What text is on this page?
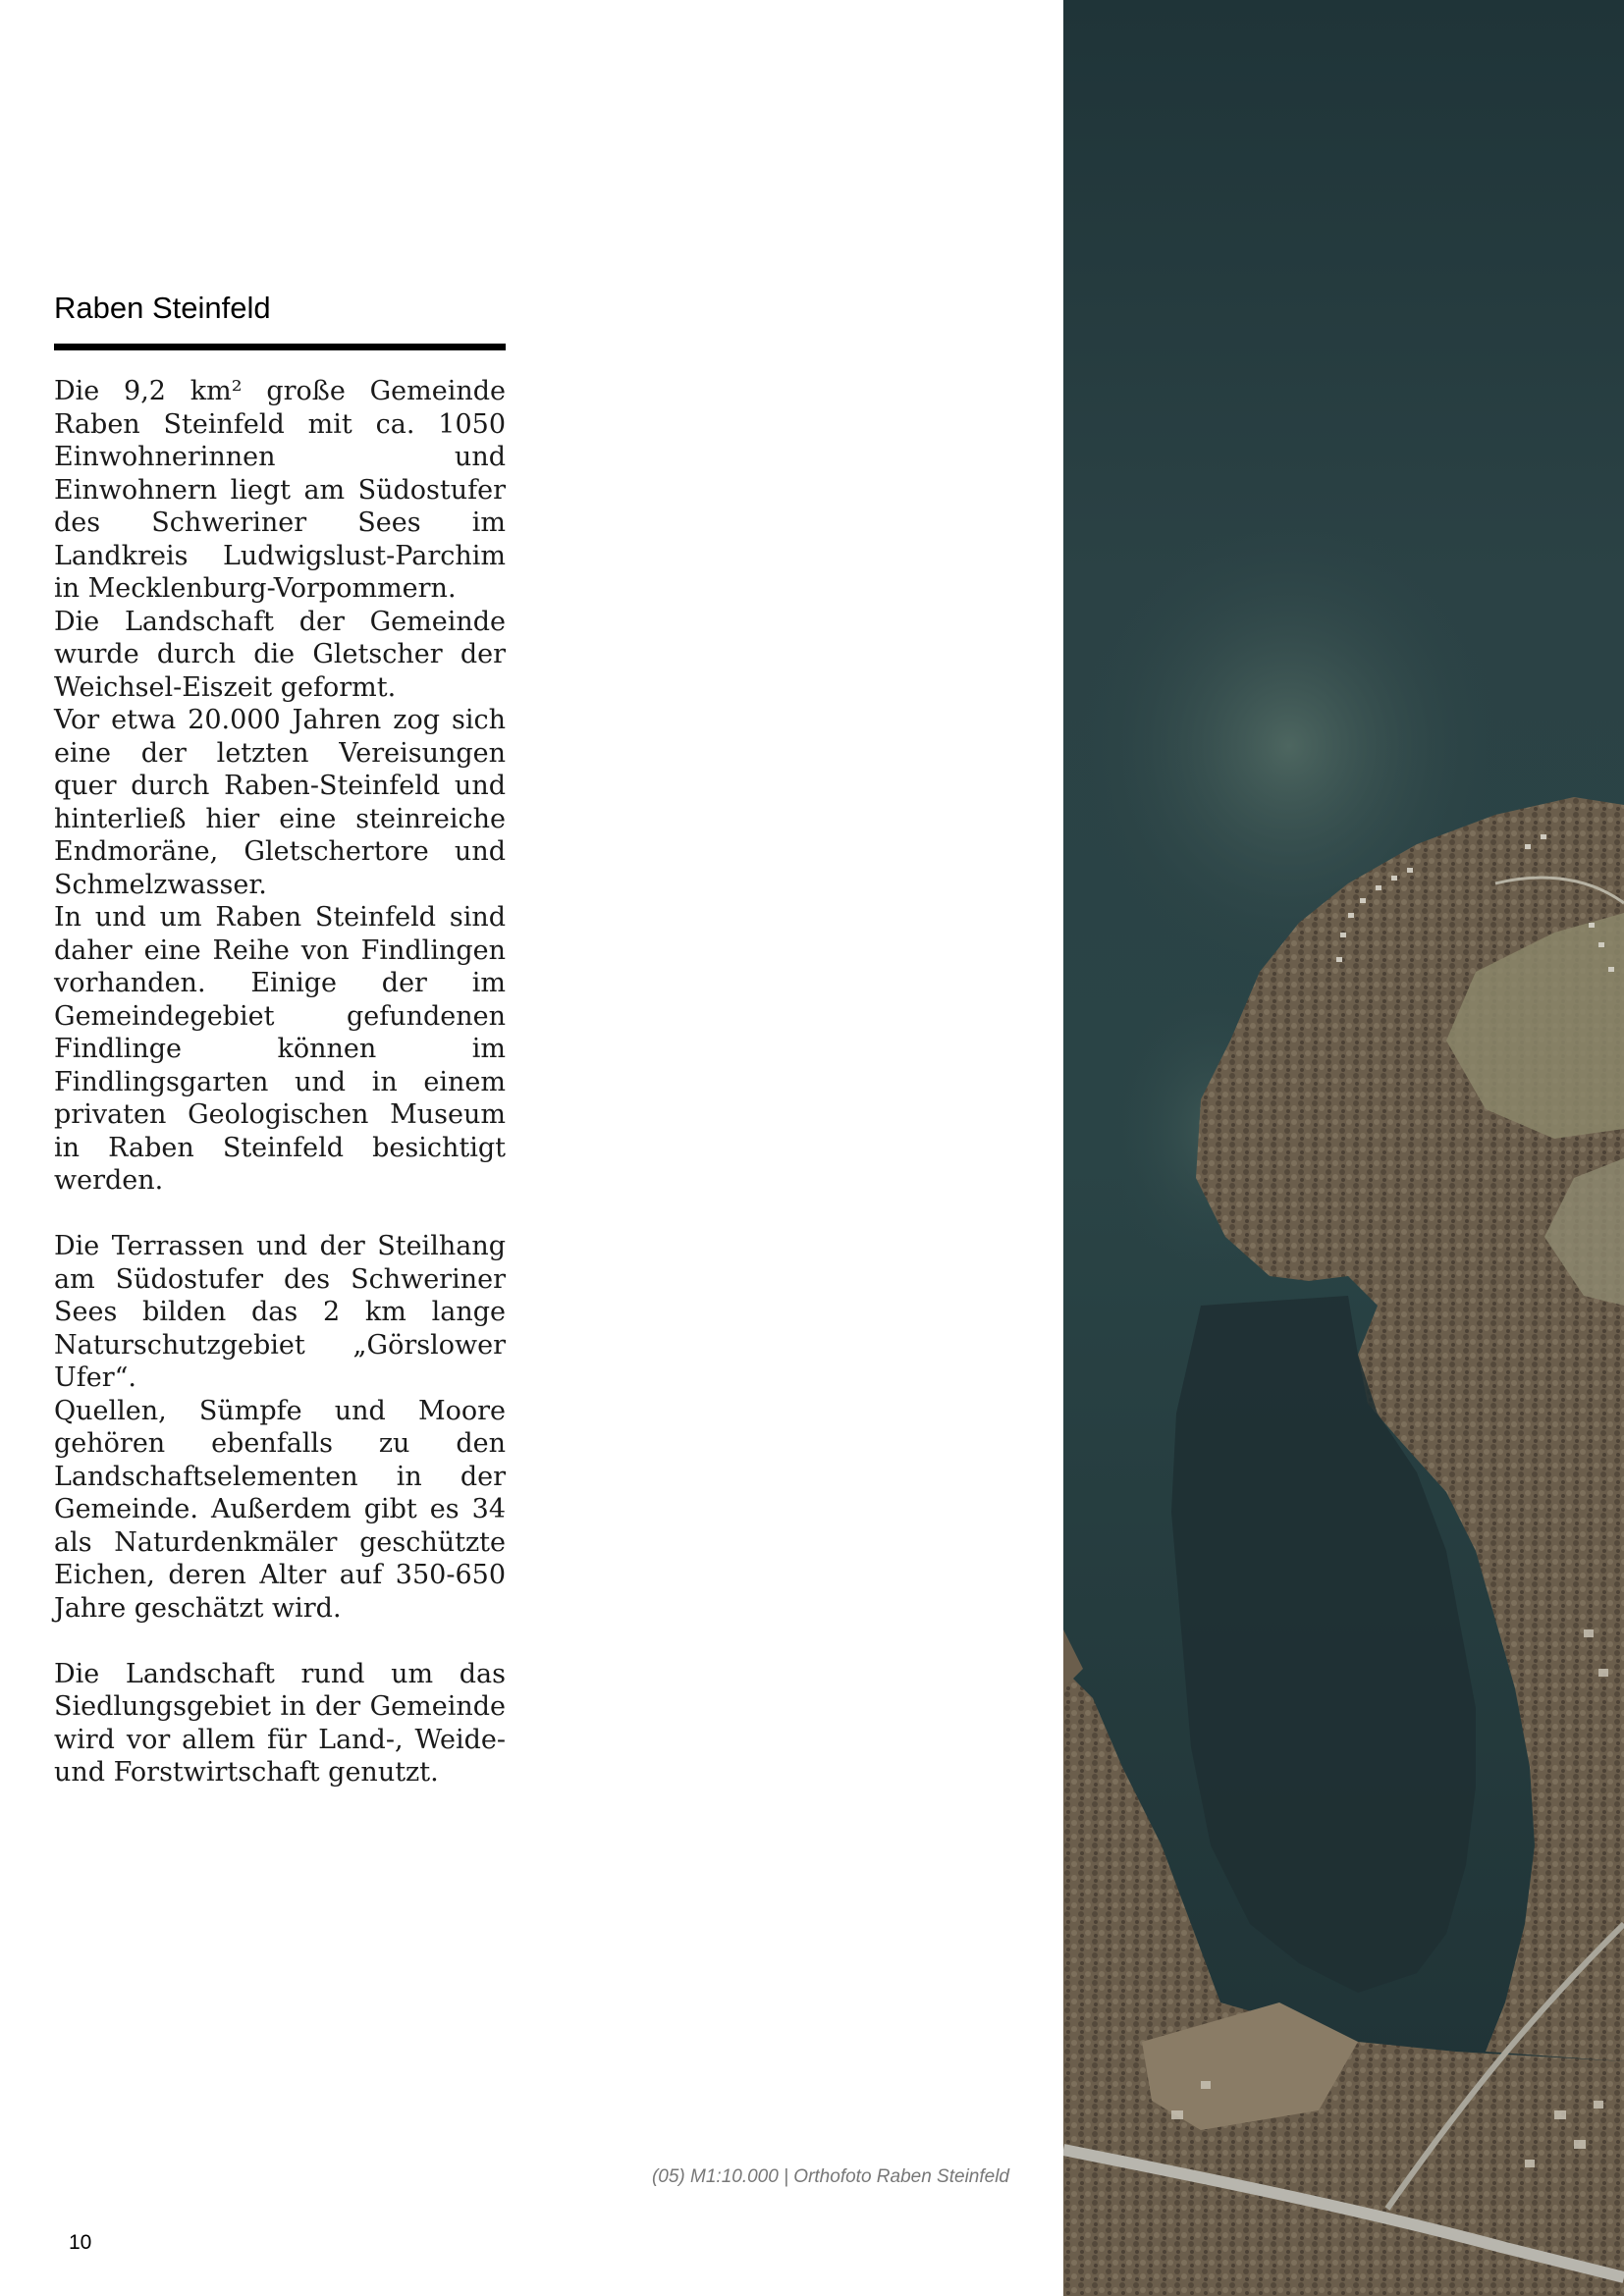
Raben Steinfeld

Die 9,2 km² große Gemeinde Raben Steinfeld mit ca. 1050 Einwohnerinnen und Einwohnern liegt am Südostufer des Schweriner Sees im Landkreis Ludwigslust-Parchim in Mecklenburg-Vorpommern.

Die Landschaft der Gemeinde wurde durch die Gletscher der Weichsel-Eiszeit geformt.

Vor etwa 20.000 Jahren zog sich eine der letzten Vereisungen quer durch Raben-Steinfeld und hinterließ hier eine steinreiche Endmoräne, Gletschertore und Schmelzwasser.

In und um Raben Steinfeld sind daher eine Reihe von Findlingen vorhanden. Einige der im Gemeindegebiet gefundenen Findlinge können im Findlingsgarten und in einem privaten Geologischen Museum in Raben Steinfeld besichtigt werden.

Die Terrassen und der Steilhang am Südostufer des Schweriner Sees bilden das 2 km lange Naturschutzgebiet „Görslower Ufer“.

Quellen, Sümpfe und Moore gehören ebenfalls zu den Landschaftselementen in der Gemeinde. Außerdem gibt es 34 als Naturdenkmäler geschützte Eichen, deren Alter auf 350-650 Jahre geschätzt wird.

Die Landschaft rund um das Siedlungsgebiet in der Gemeinde wird vor allem für Land-, Weide- und Forstwirtschaft genutzt.

(05) M1:10.000 | Orthofoto Raben Steinfeld
10
